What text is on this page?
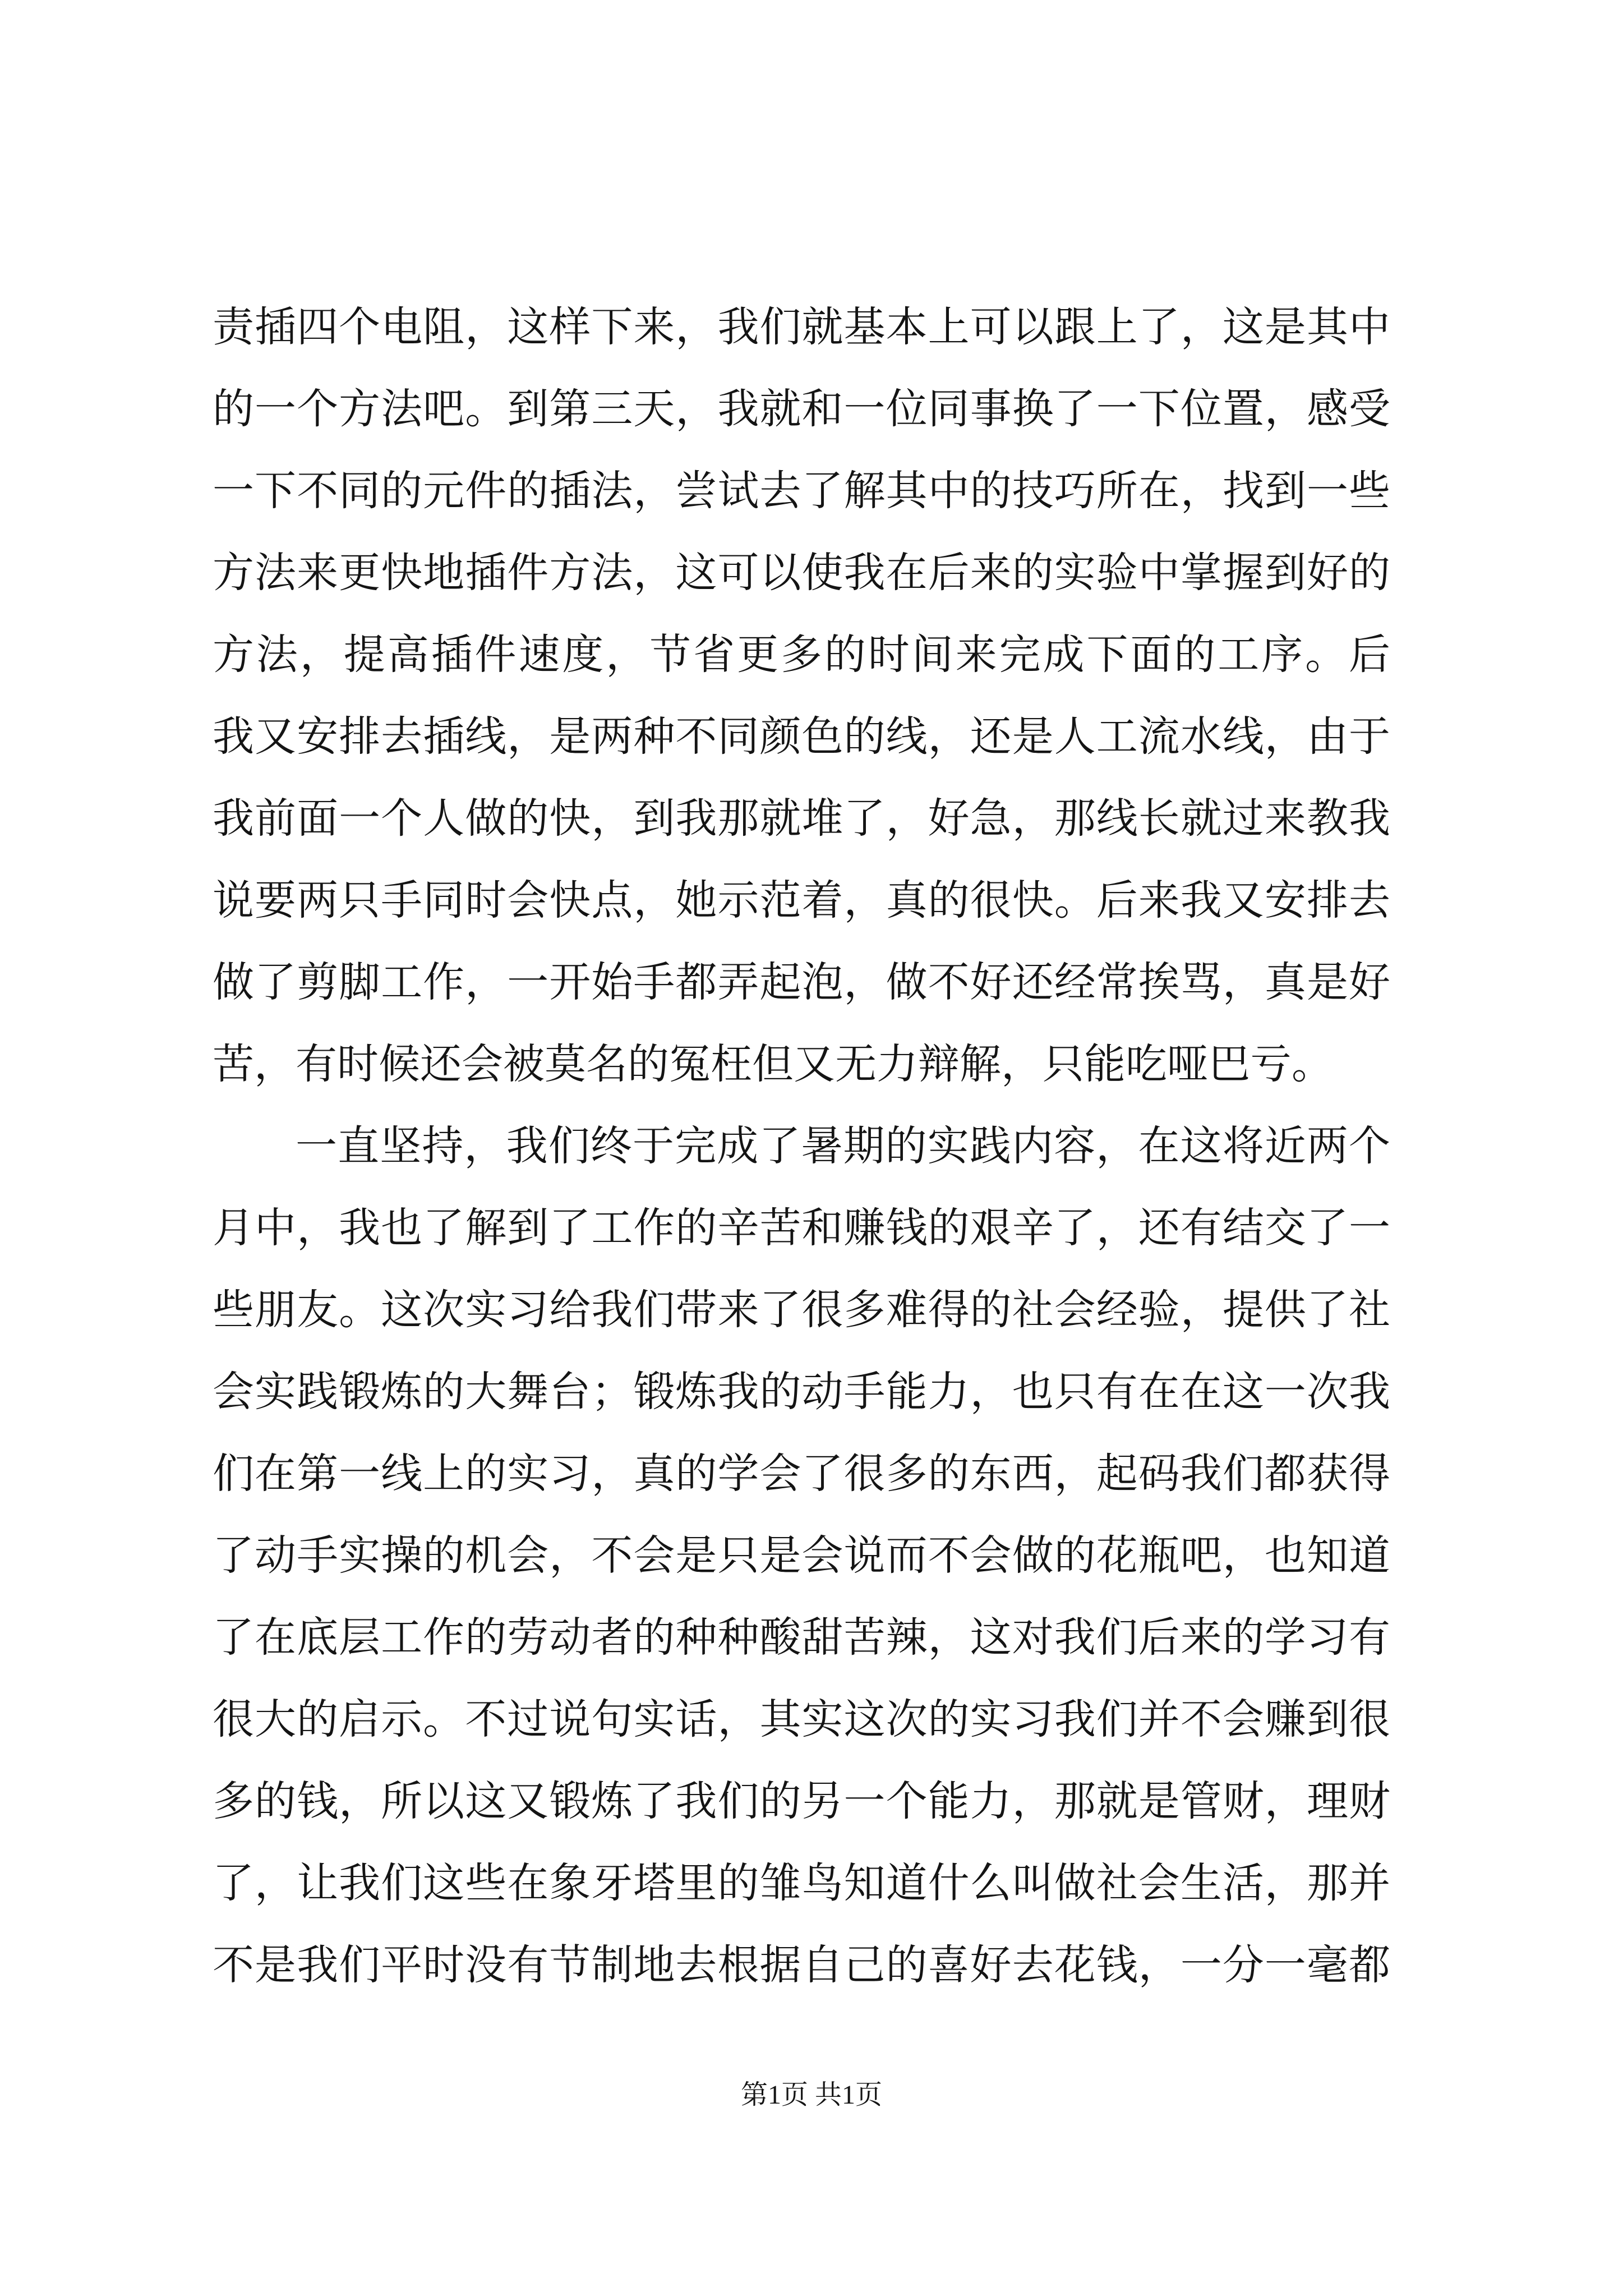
责插四个电阻，这样下来，我们就基本上可以跟上了，这是其中
的一个方法吧。到第三天，我就和一位同事换了一下位置，感受
一下不同的元件的插法，尝试去了解其中的技巧所在，找到一些
方法来更快地插件方法，这可以使我在后来的实验中掌握到好的
方法，提高插件速度，节省更多的时间来完成下面的工序。后
我又安排去插线，是两种不同颜色的线，还是人工流水线，由于
我前面一个人做的快，到我那就堆了，好急，那线长就过来教我
说要两只手同时会快点，她示范着，真的很快。后来我又安排去
做了剪脚工作，一开始手都弄起泡，做不好还经常挨骂，真是好
苦，有时候还会被莫名的冤枉但又无力辩解，只能吃哑巴亏。
一直坚持，我们终于完成了暑期的实践内容，在这将近两个
月中，我也了解到了工作的辛苦和赚钱的艰辛了，还有结交了一
些朋友。这次实习给我们带来了很多难得的社会经验，提供了社
会实践锻炼的大舞台；锻炼我的动手能力，也只有在在这一次我
们在第一线上的实习，真的学会了很多的东西，起码我们都获得
了动手实操的机会，不会是只是会说而不会做的花瓶吧，也知道
了在底层工作的劳动者的种种酸甜苦辣，这对我们后来的学习有
很大的启示。不过说句实话，其实这次的实习我们并不会赚到很
多的钱，所以这又锻炼了我们的另一个能力，那就是管财，理财
了，让我们这些在象牙塔里的雏鸟知道什么叫做社会生活，那并
不是我们平时没有节制地去根据自己的喜好去花钱，一分一毫都
第1页 共1页
